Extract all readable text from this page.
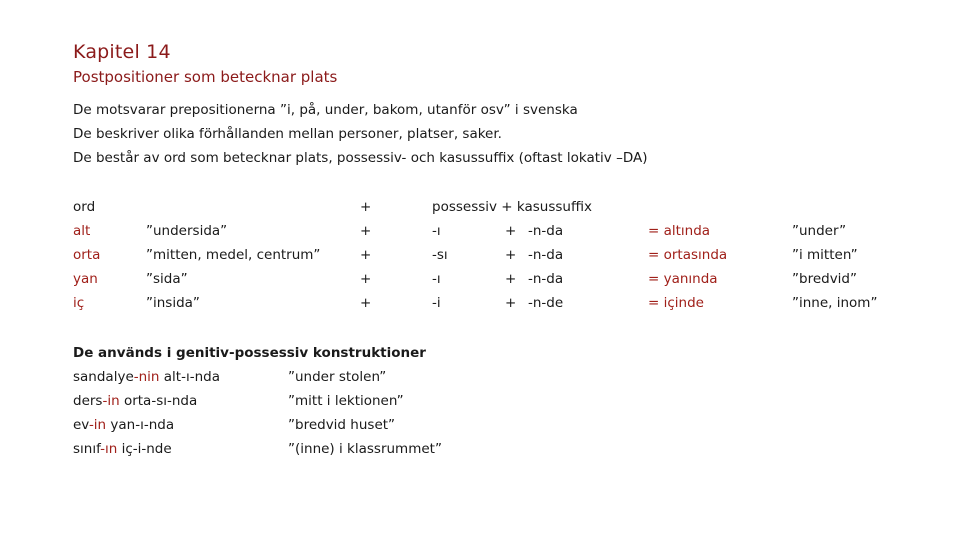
Kapitel 14
Postpositioner som betecknar plats
De motsvarar prepositionerna ”i, på, under, bakom, utanför osv” i svenska
De beskriver olika förhållanden mellan personer, platser, saker.
De består av ord som betecknar plats, possessiv- och kasussuffix (oftast lokativ –DA)
ord	+	possessiv + kasussuffix
alt	”undersida”	+	-ı	+ -n-da	= altında	”under”
orta	”mitten, medel, centrum”	+	-sı	+ -n-da	= ortasında	”i mitten”
yan	”sida”	+	-ı	+ -n-da	= yanında	”bredvid”
iç	”insida”	+	-i	+ -n-de	= içinde	”inne, inom”
De används i genitiv-possessiv konstruktioner
sandalye-nin alt-ı-nda	”under stolen”
ders-in orta-sı-nda	”mitt i lektionen”
ev-in yan-ı-nda	”bredvid huset”
sınıf-ın iç-i-nde	”(inne) i klassrummet”
